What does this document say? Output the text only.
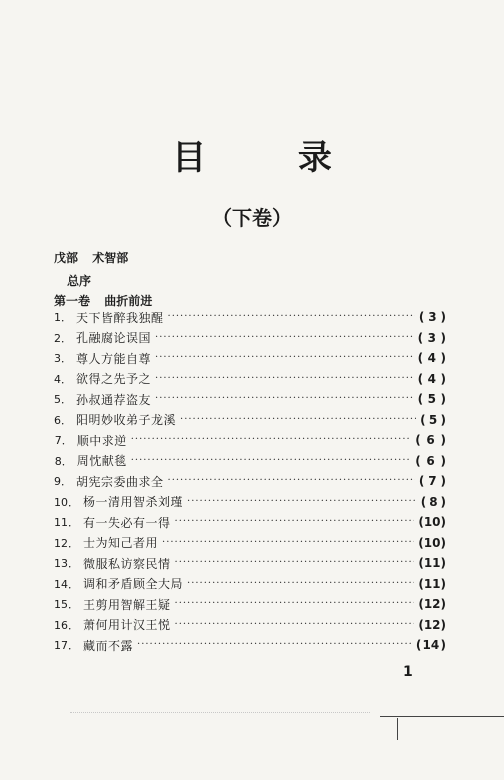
目 录
（下卷）
戊部 术智部
总序
第一卷 曲折前进
1． 天下皆醉我独醒 ·····	( 3 )
2． 孔融腐论误国 ·····	( 3 )
3． 尊人方能自尊 ·····	( 4 )
4． 欲得之先予之 ·····	( 4 )
5． 孙叔通荐盗友 ·····	( 5 )
6． 阳明妙收弟子龙溪 ·····	( 5 )
7． 顺中求逆 ·····	( 6 )
8． 周忱献毯 ·····	( 6 )
9． 胡宪宗委曲求全 ·····	( 7 )
10． 杨一清用智杀刘瑾 ·····	( 8 )
11． 有一失必有一得 ·····	( 10 )
12． 士为知己者用 ·····	( 10 )
13． 微服私访察民情 ·····	( 11 )
14． 调和矛盾顾全大局 ·····	( 11 )
15． 王剪用智解王疑 ·····	( 12 )
16． 萧何用计汉王悦 ·····	( 12 )
17． 藏而不露 ·····	( 14 )
1
